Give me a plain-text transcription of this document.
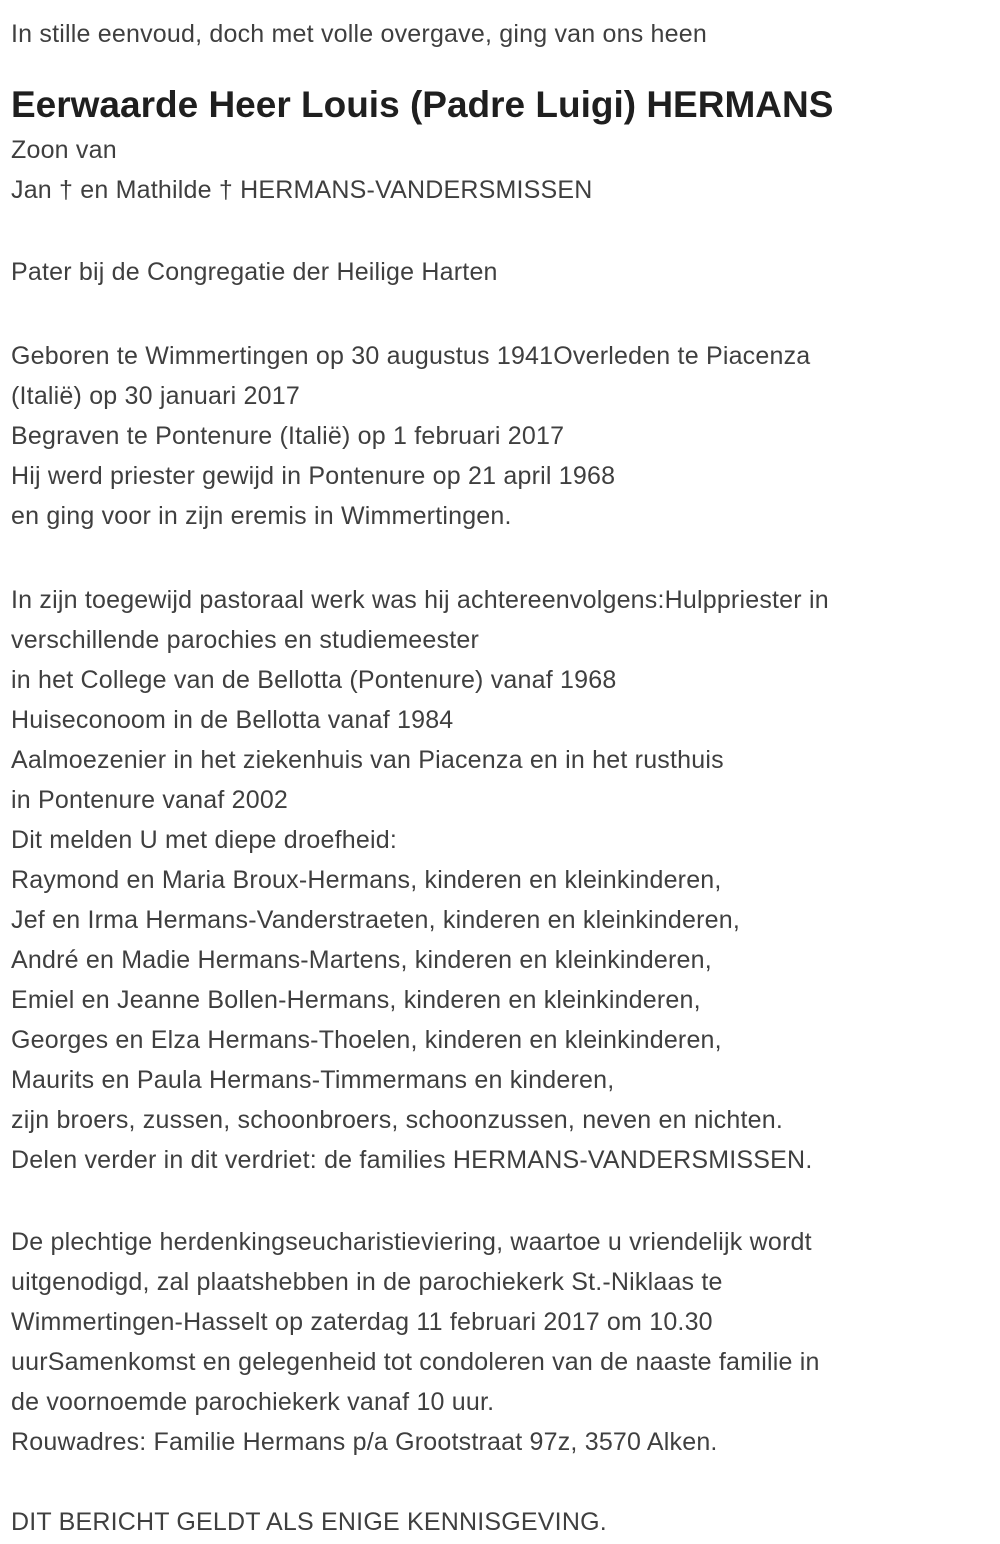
In stille eenvoud, doch met volle overgave, ging van ons heen
Eerwaarde Heer Louis (Padre Luigi) HERMANS
Zoon van
Jan † en Mathilde † HERMANS-VANDERSMISSEN
Pater bij de Congregatie der Heilige Harten
Geboren te Wimmertingen op 30 augustus 1941Overleden te Piacenza
(Italië) op 30 januari 2017
Begraven te Pontenure (Italië) op 1 februari 2017
Hij werd priester gewijd in Pontenure op 21 april 1968
en ging voor in zijn eremis in Wimmertingen.
In zijn toegewijd pastoraal werk was hij achtereenvolgens:Hulppriester in
verschillende parochies en studiemeester
in het College van de Bellotta (Pontenure) vanaf 1968
Huiseconoom in de Bellotta vanaf 1984
Aalmoezenier in het ziekenhuis van Piacenza en in het rusthuis
in Pontenure vanaf 2002
Dit melden U met diepe droefheid:
Raymond en Maria Broux-Hermans, kinderen en kleinkinderen,
Jef en Irma Hermans-Vanderstraeten, kinderen en kleinkinderen,
André en Madie Hermans-Martens, kinderen en kleinkinderen,
Emiel en Jeanne Bollen-Hermans, kinderen en kleinkinderen,
Georges en Elza Hermans-Thoelen, kinderen en kleinkinderen,
Maurits en Paula Hermans-Timmermans en kinderen,
zijn broers, zussen, schoonbroers, schoonzussen, neven en nichten.
Delen verder in dit verdriet: de families HERMANS-VANDERSMISSEN.
De plechtige herdenkingseucharistieviering, waartoe u vriendelijk wordt
uitgenodigd, zal plaatshebben in de parochiekerk St.-Niklaas te
Wimmertingen-Hasselt op zaterdag 11 februari 2017 om 10.30
uurSamenkomst en gelegenheid tot condoleren van de naaste familie in
de voornoemde parochiekerk vanaf 10 uur.
Rouwadres: Familie Hermans p/a Grootstraat 97z, 3570 Alken.
DIT BERICHT GELDT ALS ENIGE KENNISGEVING.
